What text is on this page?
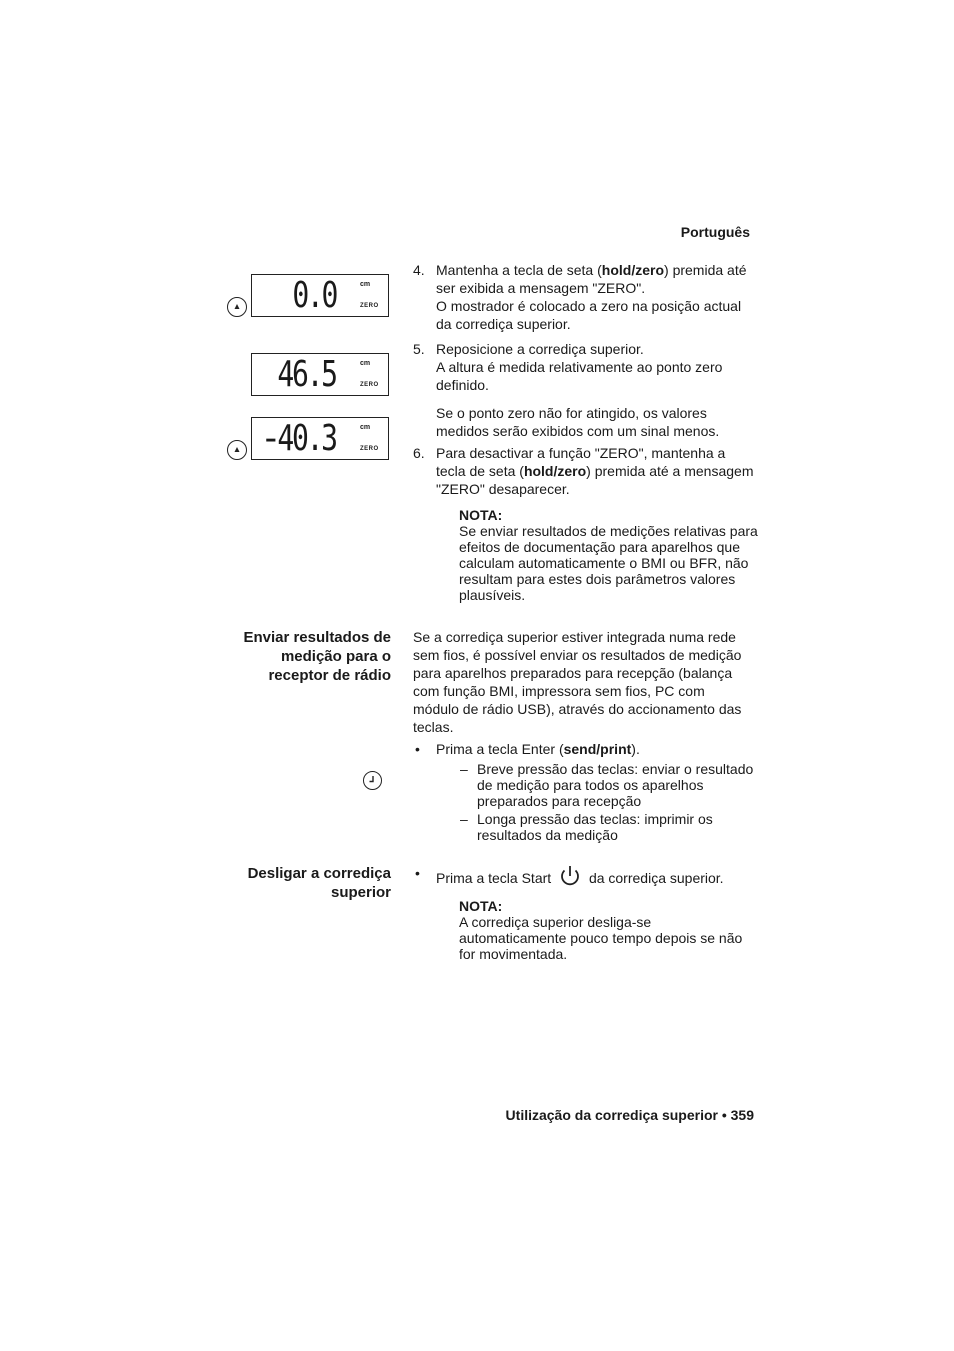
Português
0.0	cm
ZERO
46.5	cm
ZERO
-
40.3	cm
ZERO
4. Mantenha a tecla de seta (hold/zero) premida até ser exibida a mensagem "ZERO".
O mostrador é colocado a zero na posição actual da corrediça superior.
5. Reposicione a corrediça superior.
A altura é medida relativamente ao ponto zero definido.
Se o ponto zero não for atingido, os valores medidos serão exibidos com um sinal menos.
6. Para desactivar a função "ZERO", mantenha a tecla de seta (hold/zero) premida até a mensagem "ZERO" desaparecer.
NOTA:
Se enviar resultados de medições relativas para efeitos de documentação para aparelhos que calculam automaticamente o BMI ou BFR, não resultam para estes dois parâmetros valores plausíveis.
Enviar resultados de medição para o receptor de rádio
Se a corrediça superior estiver integrada numa rede sem fios, é possível enviar os resultados de medição para aparelhos preparados para recepção (balança com função BMI, impressora sem fios, PC com módulo de rádio USB), através do accionamento das teclas.
• Prima a tecla Enter (send/print).
– Breve pressão das teclas: enviar o resultado de medição para todos os aparelhos preparados para recepção
– Longa pressão das teclas: imprimir os resultados da medição
Desligar a corrediça superior
• Prima a tecla Start	da corrediça superior.
NOTA:
A corrediça superior desliga-se automaticamente pouco tempo depois se não for movimentada.
Utilização da corrediça superior • 359
